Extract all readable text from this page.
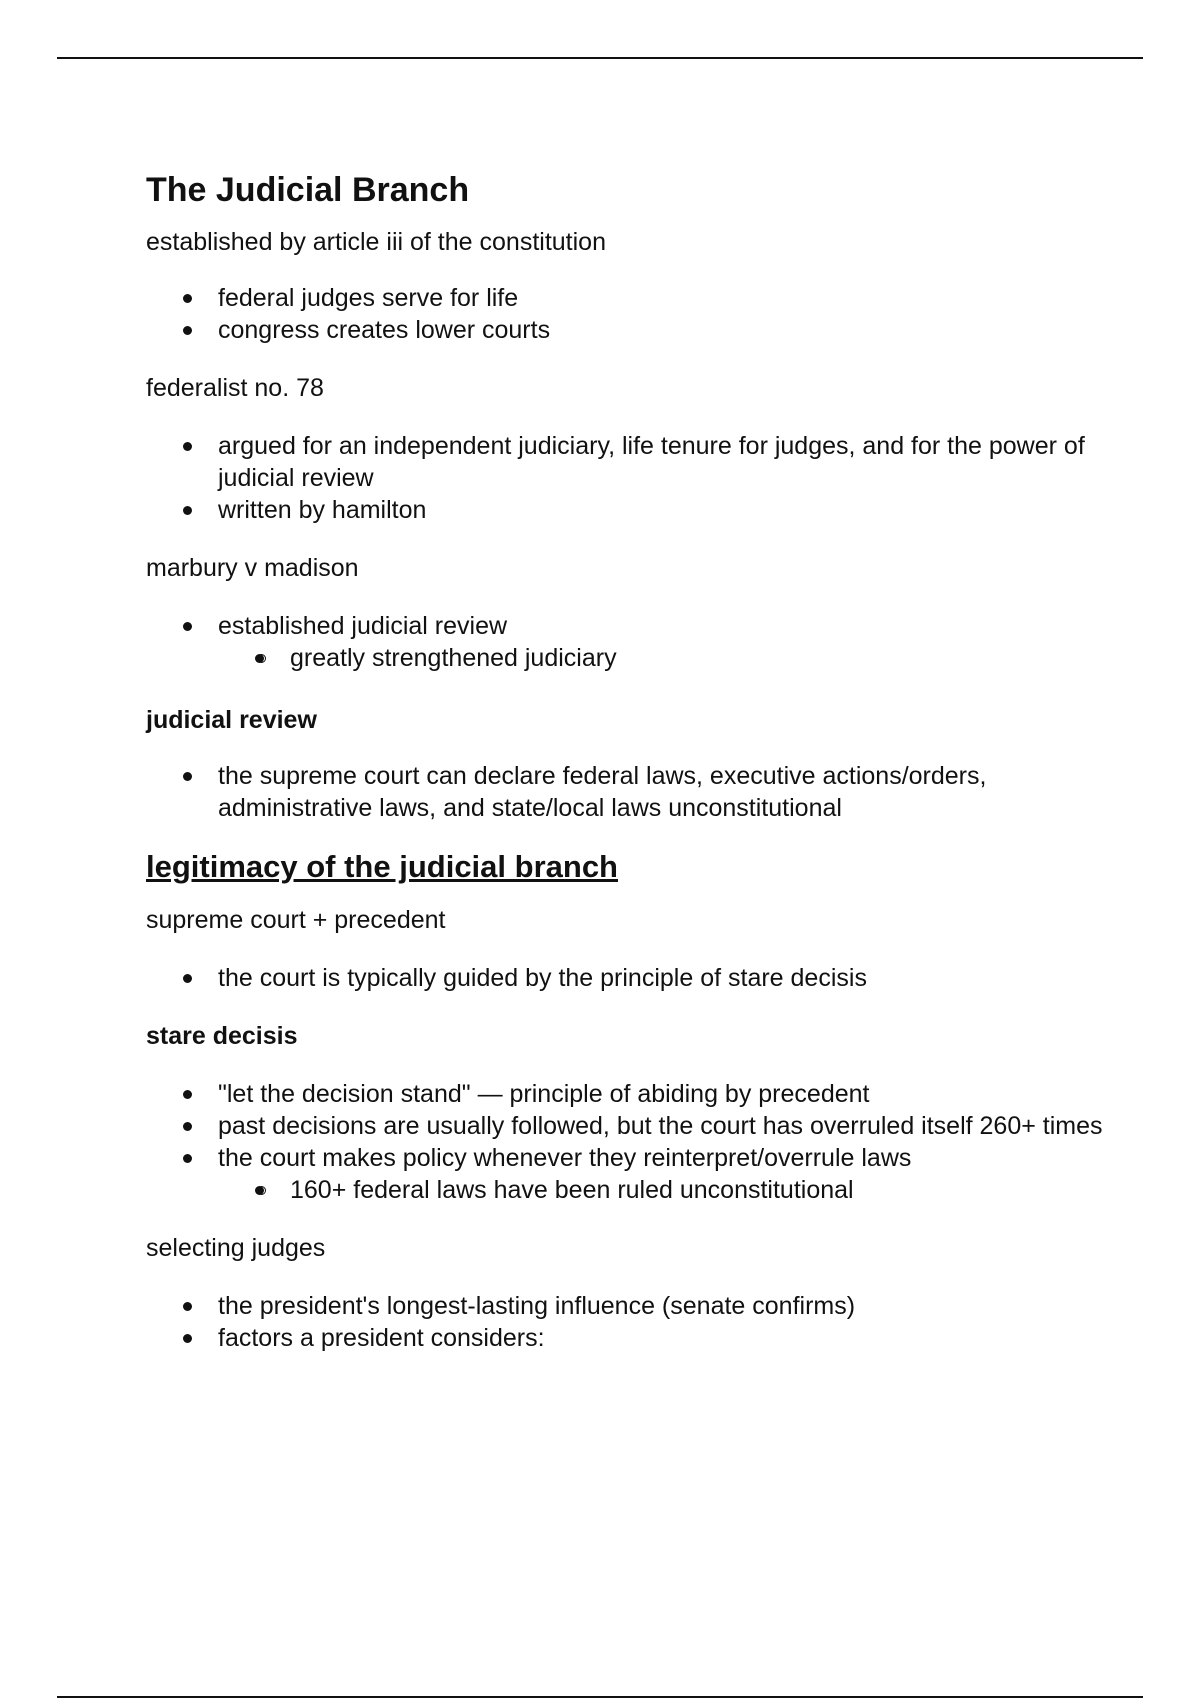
The Judicial Branch

established by article iii of the constitution

federal judges serve for life
congress creates lower courts

federalist no. 78

argued for an independent judiciary, life tenure for judges, and for the power of judicial review
written by hamilton

marbury v madison

established judicial review
greatly strengthened judiciary

judicial review

the supreme court can declare federal laws, executive actions/orders, administrative laws, and state/local laws unconstitutional
legitimacy of the judicial branch

supreme court + precedent

the court is typically guided by the principle of stare decisis

stare decisis

"let the decision stand" — principle of abiding by precedent
past decisions are usually followed, but the court has overruled itself 260+ times
the court makes policy whenever they reinterpret/overrule laws
160+ federal laws have been ruled unconstitutional

selecting judges

the president's longest-lasting influence (senate confirms)
factors a president considers:
